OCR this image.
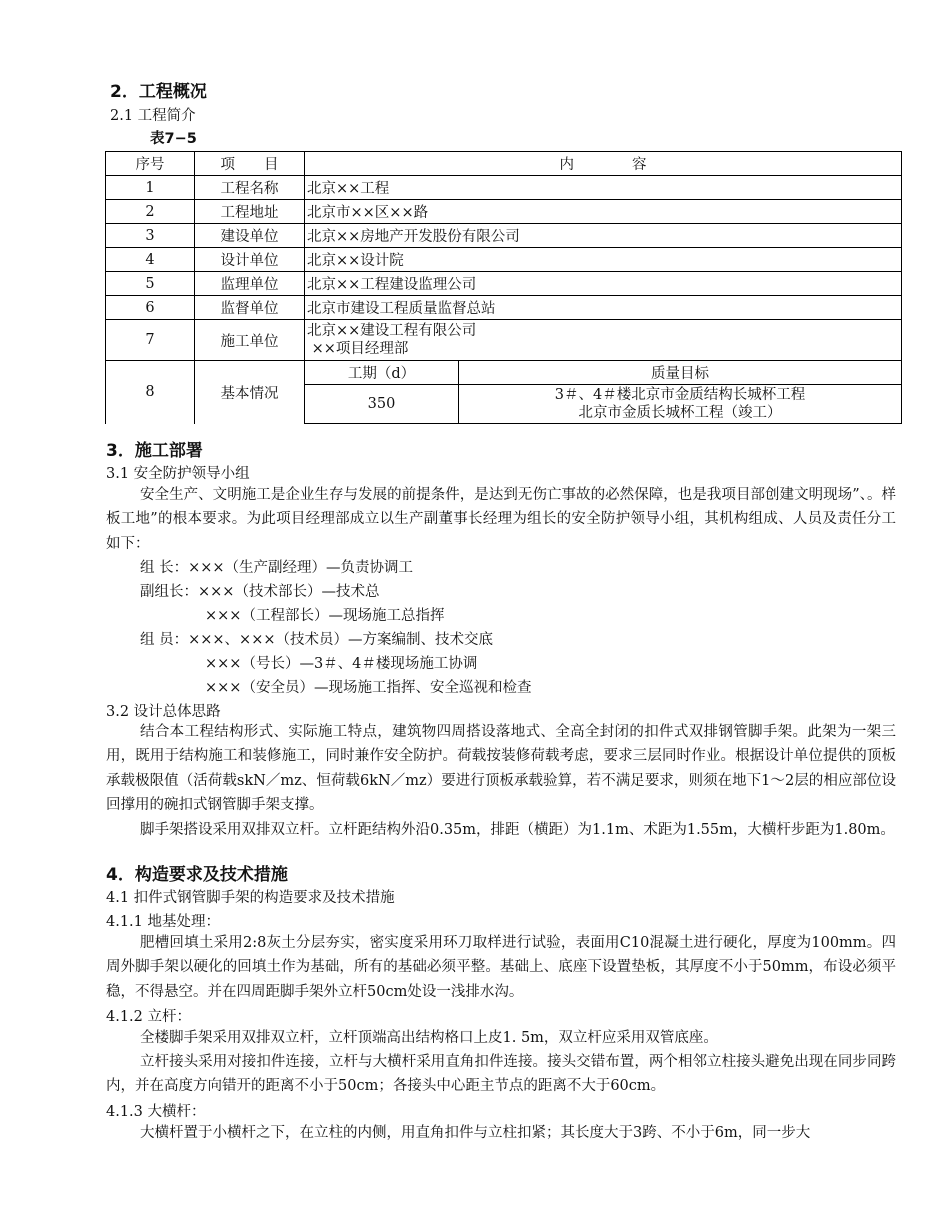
2．工程概况
2.1 工程简介
表7−5
序号	项　　目	内　　　　容	
1	工程名称	北京××工程	
2	工程地址	北京市××区××路	
3	建设单位	北京××房地产开发股份有限公司	
4	设计单位	北京××设计院	
5	监理单位	北京××工程建设监理公司	
6	监督单位	北京市建设工程质量监督总站	
7	施工单位	北京××建设工程有限公司
××项目经理部	

8	基本情况	工期（d）	质量目标
		350	3＃、4＃楼北京市金质结构长城杯工程
北京市金质长城杯工程（竣工）
3．施工部署
3.1 安全防护领导小组
安全生产、文明施工是企业生存与发展的前提条件，是达到无伤亡事故的必然保障，也是我项目部创建文明现场”、。样板工地”的根本要求。为此项目经理部成立以生产副董事长经理为组长的安全防护领导小组，其机构组成、人员及责任分工如下：
组 长：×××（生产副经理）—负责协调工
副组长：×××（技术部长）—技术总
×××（工程部长）—现场施工总指挥
组 员：×××、×××（技术员）—方案编制、技术交底
×××（号长）—3＃、4＃楼现场施工协调
×××（安全员）—现场施工指挥、安全巡视和检查
3.2 设计总体思路
结合本工程结构形式、实际施工特点，建筑物四周搭设落地式、全高全封闭的扣件式双排钢管脚手架。此架为一架三用，既用于结构施工和装修施工，同时兼作安全防护。荷载按装修荷载考虑，要求三层同时作业。根据设计单位提供的顶板承载极限值（活荷载skN／mz、恒荷载6kN／mz）要进行顶板承载验算，若不满足要求，则须在地下1～2层的相应部位设回撑用的碗扣式钢管脚手架支撑。
脚手架搭设采用双排双立杆。立杆距结构外沿0.35m，排距（横距）为1.1m、术距为1.55m，大横杆步距为1.80m。
4．构造要求及技术措施
4.1 扣件式钢管脚手架的构造要求及技术措施
4.1.1 地基处理：
肥槽回填土采用2:8灰土分层夯实，密实度采用环刀取样进行试验，表面用C10混凝土进行硬化，厚度为100mm。四周外脚手架以硬化的回填土作为基础，所有的基础必须平整。基础上、底座下设置垫板，其厚度不小于50mm，布设必须平稳，不得悬空。并在四周距脚手架外立杆50cm处设一浅排水沟。
4.1.2 立杆：
全楼脚手架采用双排双立杆，立杆顶端高出结构格口上皮1. 5m，双立杆应采用双管底座。
立杆接头采用对接扣件连接，立杆与大横杆采用直角扣件连接。接头交错布置，两个相邻立柱接头避免出现在同步同跨内，并在高度方向错开的距离不小于50cm；各接头中心距主节点的距离不大于60cm。
4.1.3 大横杆：
大横杆置于小横杆之下，在立柱的内侧，用直角扣件与立柱扣紧；其长度大于3跨、不小于6m，同一步大
